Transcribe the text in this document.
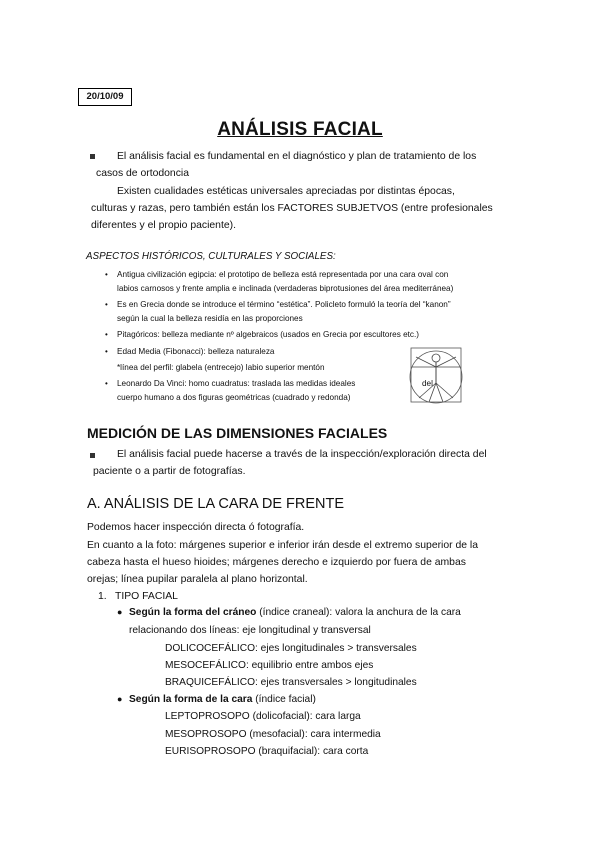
20/10/09
ANÁLISIS FACIAL
El análisis facial es fundamental en el diagnóstico y plan de tratamiento de los
casos de ortodoncia
Existen cualidades estéticas universales apreciadas por distintas épocas,
culturas y razas, pero también están los FACTORES SUBJETVOS (entre profesionales
diferentes y el propio paciente).
ASPECTOS HISTÓRICOS, CULTURALES Y SOCIALES:
• Antigua civilización egipcia: el prototipo de belleza está representada por una cara oval con
labios carnosos y frente amplia e inclinada (verdaderas biprotusiones del área mediterránea)
• Es en Grecia donde se introduce el término “estética”. Policleto formuló la teoría del “kanon”
según la cual la belleza residía en las proporciones
• Pitagóricos: belleza mediante nº algebraicos (usados en Grecia por escultores etc.)
• Edad Media (Fibonacci): belleza naturaleza
*línea del perfil: glabela (entrecejo) labio superior mentón
• Leonardo Da Vinci: homo cuadratus: traslada las medidas ideales	del
cuerpo humano a dos figuras geométricas (cuadrado y redonda)
MEDICIÓN DE LAS DIMENSIONES FACIALES
El análisis facial puede hacerse a través de la inspección/exploración directa del
paciente o a partir de fotografías.
A. ANÁLISIS DE LA CARA DE FRENTE
Podemos hacer inspección directa ó fotografía.
En cuanto a la foto: márgenes superior e inferior irán desde el extremo superior de la
cabeza hasta el hueso hioides; márgenes derecho e izquierdo por fuera de ambas
orejas; línea pupilar paralela al plano horizontal.
1. TIPO FACIAL
● Según la forma del cráneo (índice craneal): valora la anchura de la cara
relacionando dos líneas: eje longitudinal y transversal
DOLICOCEFÁLICO: ejes longitudinales > transversales
MESOCEFÁLICO: equilibrio entre ambos ejes
BRAQUICEFÁLICO: ejes transversales > longitudinales
● Según la forma de la cara (índice facial)
LEPTOPROSOPO (dolicofacial): cara larga
MESOPROSOPO (mesofacial): cara intermedia
EURISOPROSOPO (braquifacial): cara corta
